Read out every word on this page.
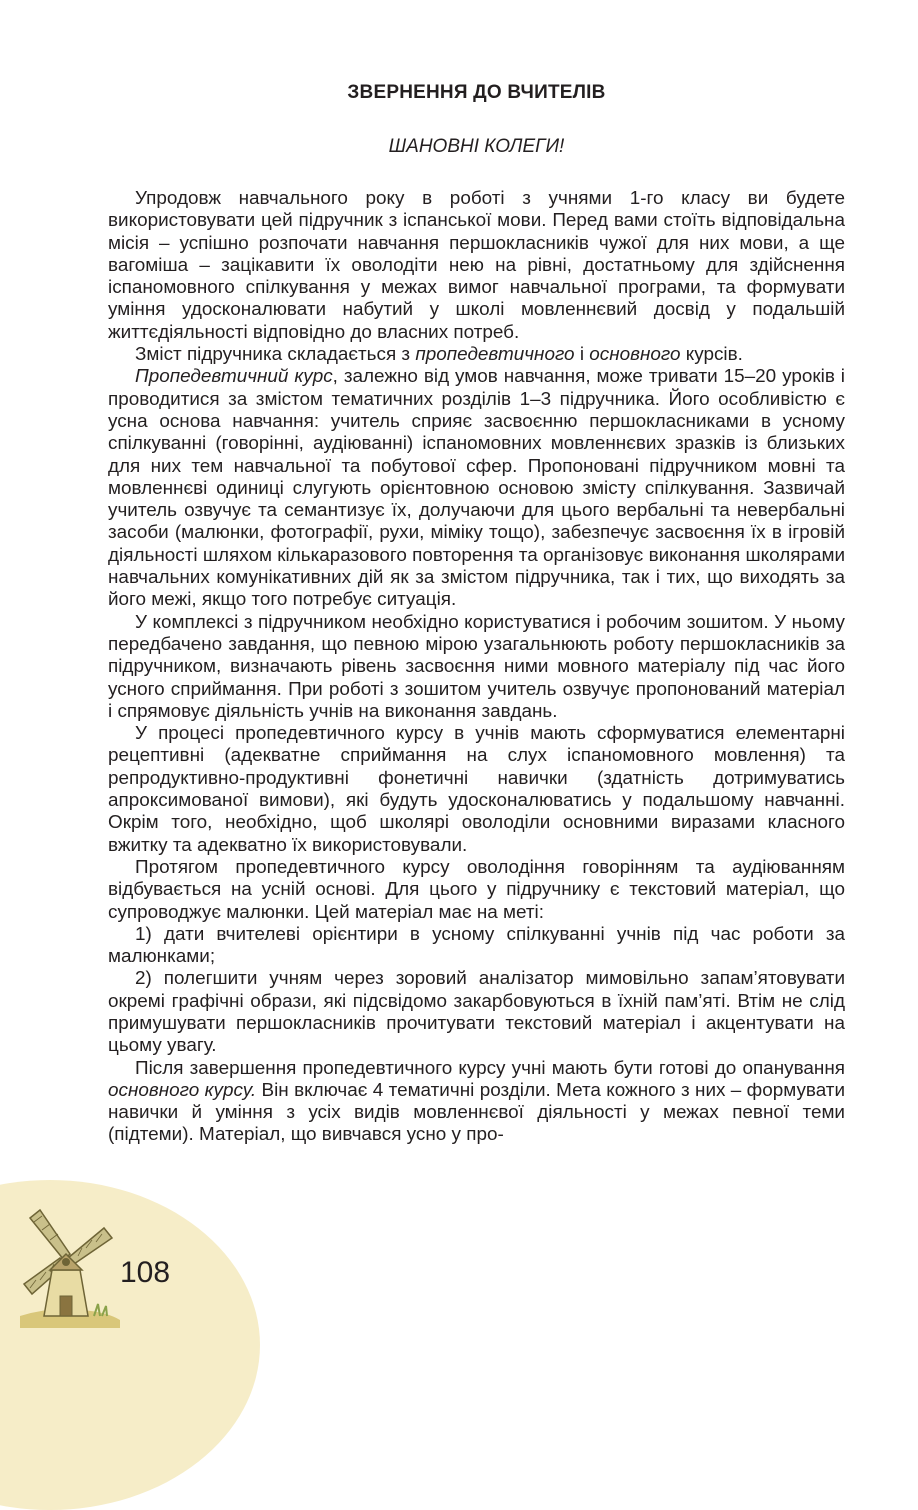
ЗВЕРНЕННЯ ДО ВЧИТЕЛІВ

ШАНОВНІ КОЛЕГИ!

Упродовж навчального року в роботі з учнями 1-го класу ви будете використовувати цей підручник з іспанської мови. Перед вами стоїть відповідальна місія – успішно розпочати навчання першокласників чужої для них мови, а ще вагоміша – зацікавити їх оволодіти нею на рівні, достатньому для здійснення іспаномовного спілкування у межах вимог навчальної програми, та формувати уміння удосконалювати набутий у школі мовленнєвий досвід у подальшій життєдіяльності відповідно до власних потреб.

Зміст підручника складається з пропедевтичного і основного курсів.

Пропедевтичний курс, залежно від умов навчання, може тривати 15–20 уроків і проводитися за змістом тематичних розділів 1–3 підручника. Його особливістю є усна основа навчання: учитель сприяє засвоєнню першокласниками в усному спілкуванні (говорінні, аудіюванні) іспаномовних мовленнєвих зразків із близьких для них тем навчальної та побутової сфер. Пропоновані підручником мовні та мовленнєві одиниці слугують орієнтовною основою змісту спілкування. Зазвичай учитель озвучує та семантизує їх, долучаючи для цього вербальні та невербальні засоби (малюнки, фотографії, рухи, міміку тощо), забезпечує засвоєння їх в ігровій діяльності шляхом кількаразового повторення та організовує виконання школярами навчальних комунікативних дій як за змістом підручника, так і тих, що виходять за його межі, якщо того потребує ситуація.

У комплексі з підручником необхідно користуватися і робочим зошитом. У ньому передбачено завдання, що певною мірою узагальнюють роботу першокласників за підручником, визначають рівень засвоєння ними мовного матеріалу під час його усного сприймання. При роботі з зошитом учитель озвучує пропонований матеріал і спрямовує діяльність учнів на виконання завдань.

У процесі пропедевтичного курсу в учнів мають сформуватися елементарні рецептивні (адекватне сприймання на слух іспаномовного мовлення) та репродуктивно-продуктивні фонетичні навички (здатність дотримуватись апроксимованої вимови), які будуть удосконалюватись у подальшому навчанні. Окрім того, необхідно, щоб школярі оволоділи основними виразами класного вжитку та адекватно їх використовували.

Протягом пропедевтичного курсу оволодіння говорінням та аудіюванням відбувається на усній основі. Для цього у підручнику є текстовий матеріал, що супроводжує малюнки. Цей матеріал має на меті:

1) дати вчителеві орієнтири в усному спілкуванні учнів під час роботи за малюнками;

2) полегшити учням через зоровий аналізатор мимовільно запам’ятовувати окремі графічні образи, які підсвідомо закарбовуються в їхній пам’яті. Втім не слід примушувати першокласників прочитувати текстовий матеріал і акцентувати на цьому увагу.

Після завершення пропедевтичного курсу учні мають бути готові до опанування основного курсу. Він включає 4 тематичні розділи. Мета кожного з них – формувати навички й уміння з усіх видів мовленнєвої діяльності у межах певної теми (підтеми). Матеріал, що вивчався усно у про-

108
